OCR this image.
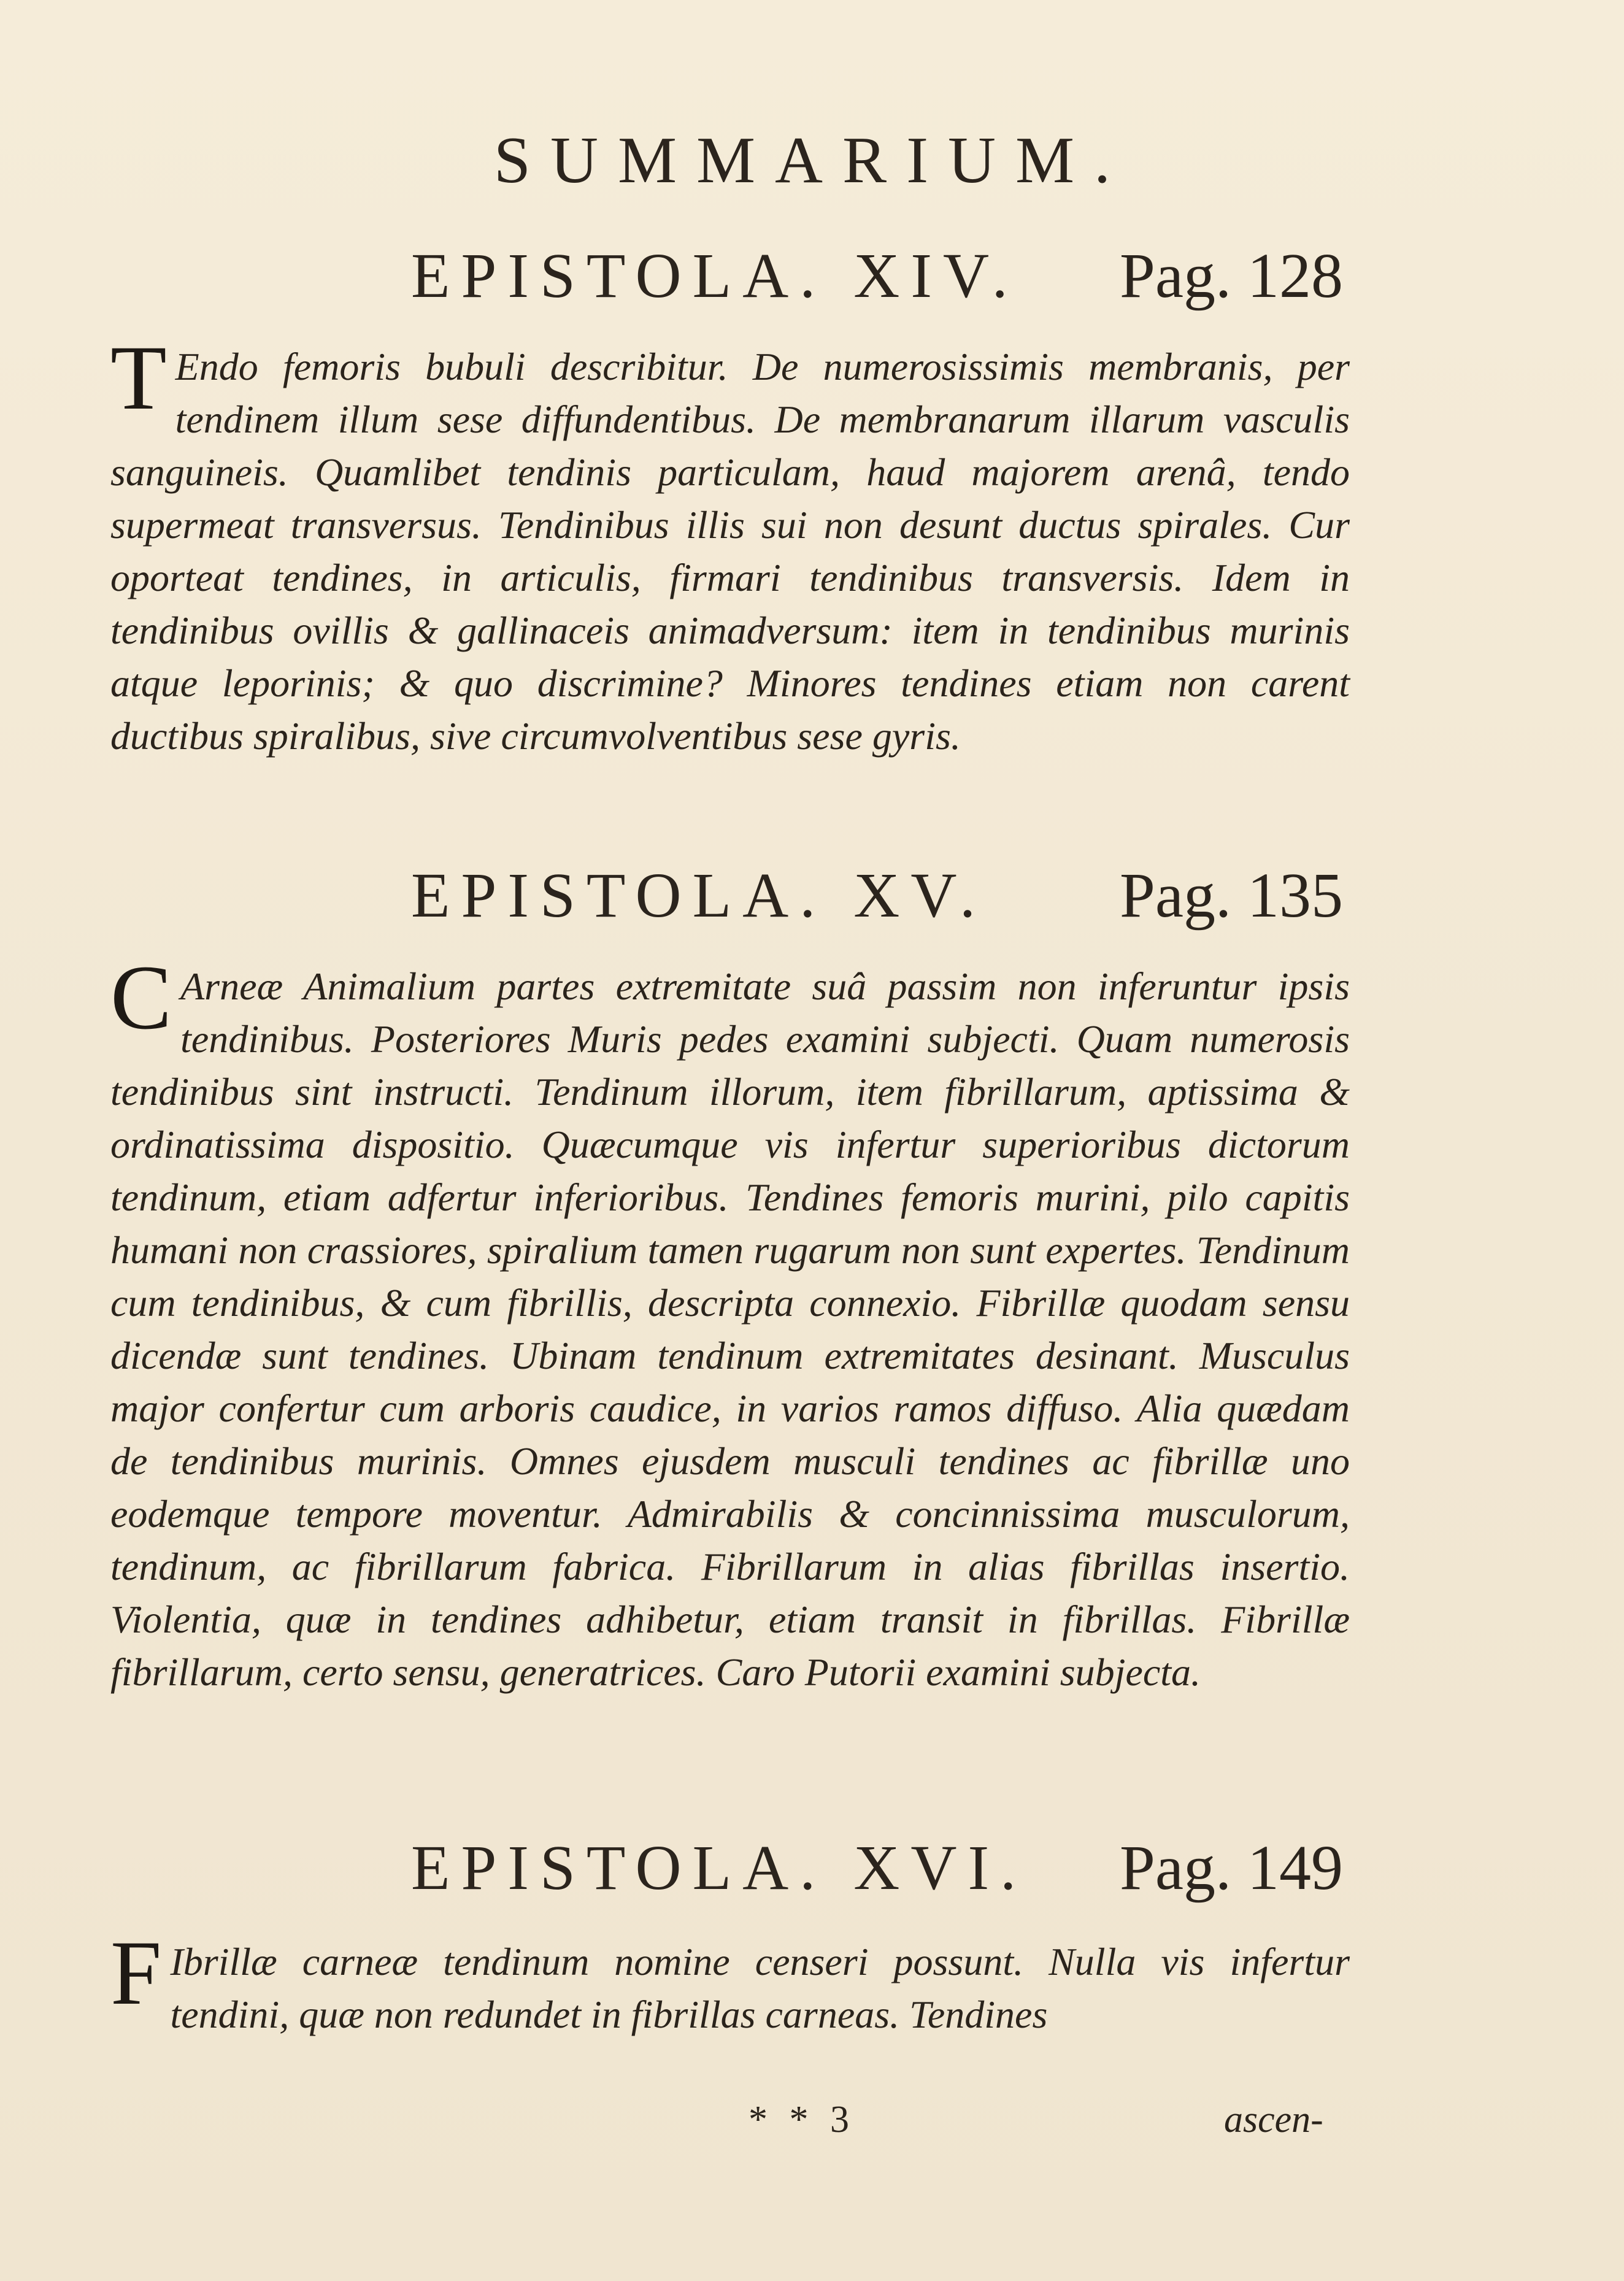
SUMMARIUM.
EPISTOLA. XIV. Pag. 128

T Endo femoris bubuli describitur. De numerosissimis membranis, per tendinem illum sese diffundentibus. De membranarum illarum vasculis sanguineis. Quamlibet tendinis particulam, haud majorem arenâ, tendo supermeat transversus. Tendinibus illis sui non desunt ductus spirales. Cur oporteat tendines, in articulis, firmari tendinibus transversis. Idem in tendinibus ovillis & gallinaceis animadversum: item in tendinibus murinis atque leporinis; & quo discrimine? Minores tendines etiam non carent ductibus spiralibus, sive circumvolventibus sese gyris.

EPISTOLA. XV. Pag. 135

C Arneæ Animalium partes extremitate suâ passim non inferuntur ipsis tendinibus. Posteriores Muris pedes examini subjecti. Quam numerosis tendinibus sint instructi. Tendinum illorum, item fibrillarum, aptissima & ordinatissima dispositio. Quæcumque vis infertur superioribus dictorum tendinum, etiam adfertur inferioribus. Tendines femoris murini, pilo capitis humani non crassiores, spiralium tamen rugarum non sunt expertes. Tendinum cum tendinibus, & cum fibrillis, descripta connexio. Fibrillæ quodam sensu dicendæ sunt tendines. Ubinam tendinum extremitates desinant. Musculus major confertur cum arboris caudice, in varios ramos diffuso. Alia quædam de tendinibus murinis. Omnes ejusdem musculi tendines ac fibrillæ uno eodemque tempore moventur. Admirabilis & concinnissima musculorum, tendinum, ac fibrillarum fabrica. Fibrillarum in alias fibrillas insertio. Violentia, quæ in tendines adhibetur, etiam transit in fibrillas. Fibrillæ fibrillarum, certo sensu, generatrices. Caro Putorii examini subjecta.

EPISTOLA. XVI. Pag. 149

F Ibrillæ carneæ tendinum nomine censeri possunt. Nulla vis infertur tendini, quæ non redundet in fibrillas carneas. Tendines

* * 3	ascen-
